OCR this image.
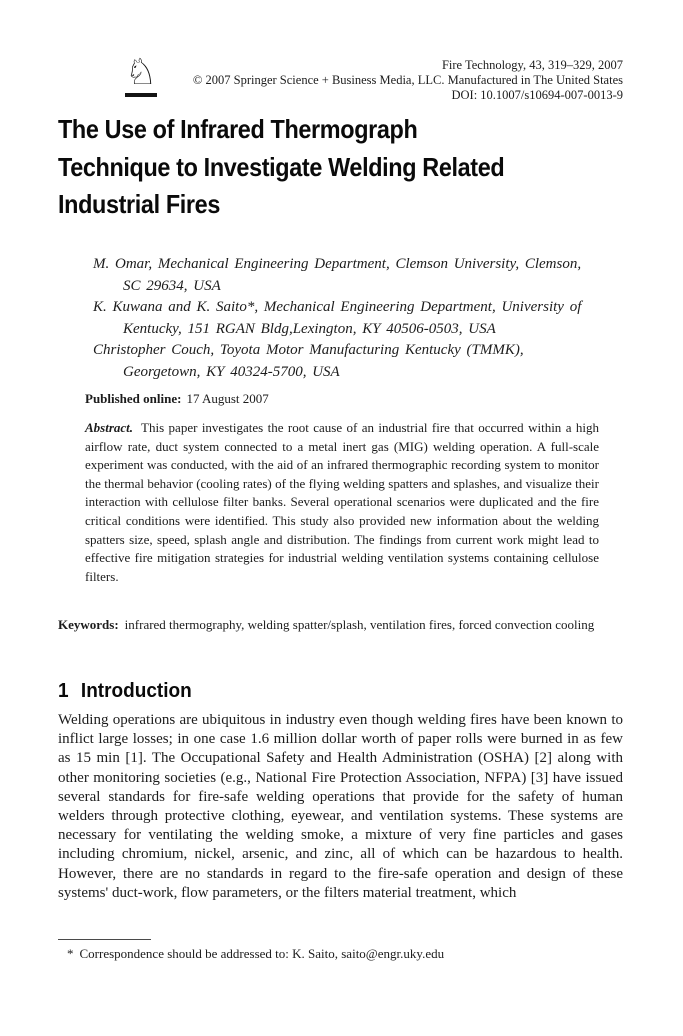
♘	Fire Technology, 43, 319–329, 2007
© 2007 Springer Science + Business Media, LLC. Manufactured in The United States
DOI: 10.1007/s10694-007-0013-9
The Use of Infrared Thermograph
Technique to Investigate Welding Related
Industrial Fires
M. Omar, Mechanical Engineering Department, Clemson University, Clemson,
SC 29634, USA
K. Kuwana and K. Saito*, Mechanical Engineering Department, University of
Kentucky, 151 RGAN Bldg,Lexington, KY 40506-0503, USA
Christopher Couch, Toyota Motor Manufacturing Kentucky (TMMK),
Georgetown, KY 40324-5700, USA
Published online: 17 August 2007
Abstract. This paper investigates the root cause of an industrial fire that occurred within a high airflow rate, duct system connected to a metal inert gas (MIG) welding operation. A full-scale experiment was conducted, with the aid of an infrared thermographic recording system to monitor the thermal behavior (cooling rates) of the flying welding spatters and splashes, and visualize their interaction with cellulose filter banks. Several operational scenarios were duplicated and the fire critical conditions were identified. This study also provided new information about the welding spatters size, speed, splash angle and distribution. The findings from current work might lead to effective fire mitigation strategies for industrial welding ventilation systems containing cellulose filters.
Keywords: infrared thermography, welding spatter/splash, ventilation fires, forced convection cooling
1 Introduction
Welding operations are ubiquitous in industry even though welding fires have been known to inflict large losses; in one case 1.6 million dollar worth of paper rolls were burned in as few as 15 min [1]. The Occupational Safety and Health Administration (OSHA) [2] along with other monitoring societies (e.g., National Fire Protection Association, NFPA) [3] have issued several standards for fire-safe welding operations that provide for the safety of human welders through protective clothing, eyewear, and ventilation systems. These systems are necessary for ventilating the welding smoke, a mixture of very fine particles and gases including chromium, nickel, arsenic, and zinc, all of which can be hazardous to health. However, there are no standards in regard to the fire-safe operation and design of these systems' duct-work, flow parameters, or the filters material treatment, which
* Correspondence should be addressed to: K. Saito, saito@engr.uky.edu
